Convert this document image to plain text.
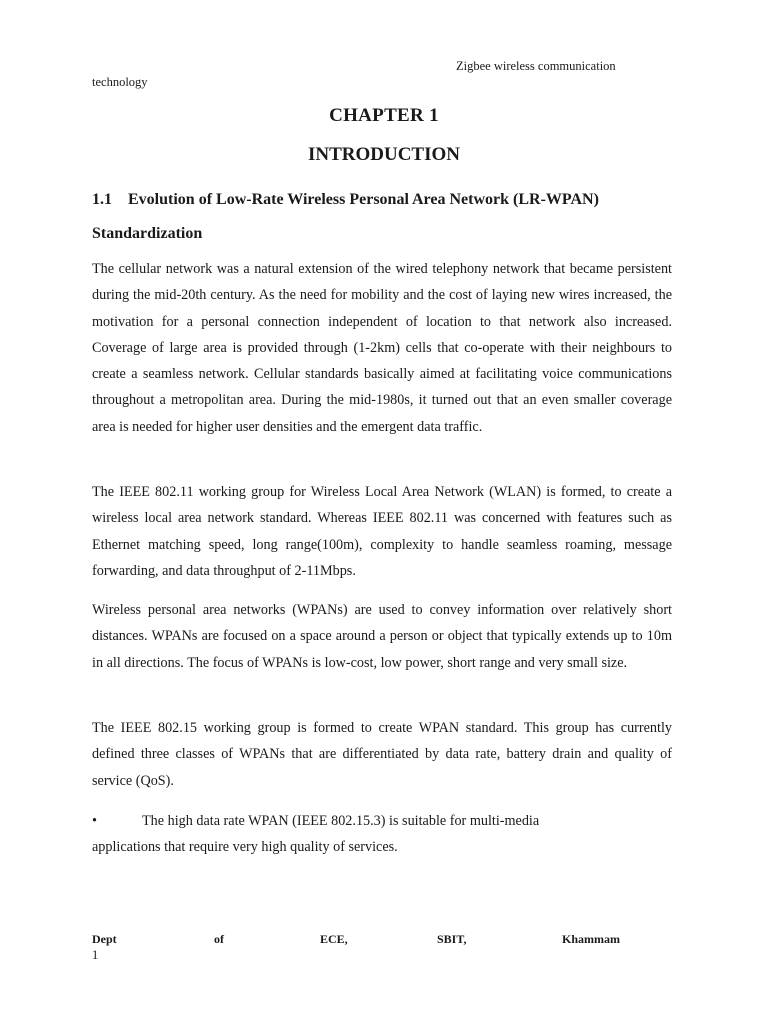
Zigbee wireless communication
technology
CHAPTER 1
INTRODUCTION
1.1 Evolution of Low-Rate Wireless Personal Area Network (LR-WPAN)
Standardization

The cellular network was a natural extension of the wired telephony network that became persistent during the mid-20th century. As the need for mobility and the cost of laying new wires increased, the motivation for a personal connection independent of location to that network also increased. Coverage of large area is provided through (1-2km) cells that co-operate with their neighbours to create a seamless network. Cellular standards basically aimed at facilitating voice communications throughout a metropolitan area. During the mid-1980s, it turned out that an even smaller coverage area is needed for higher user densities and the emergent data traffic.

The IEEE 802.11 working group for Wireless Local Area Network (WLAN) is formed, to create a wireless local area network standard. Whereas IEEE 802.11 was concerned with features such as Ethernet matching speed, long range(100m), complexity to handle seamless roaming, message forwarding, and data throughput of 2-11Mbps.

Wireless personal area networks (WPANs) are used to convey information over relatively short distances. WPANs are focused on a space around a person or object that typically extends up to 10m in all directions. The focus of WPANs is low-cost, low power, short range and very small size.

The IEEE 802.15 working group is formed to create WPAN standard. This group has currently defined three classes of WPANs that are differentiated by data rate, battery drain and quality of service (QoS).

•	The high data rate WPAN (IEEE 802.15.3) is suitable for multi-media
applications that require very high quality of services.
Dept	of	ECE,	SBIT,	Khammam
1
